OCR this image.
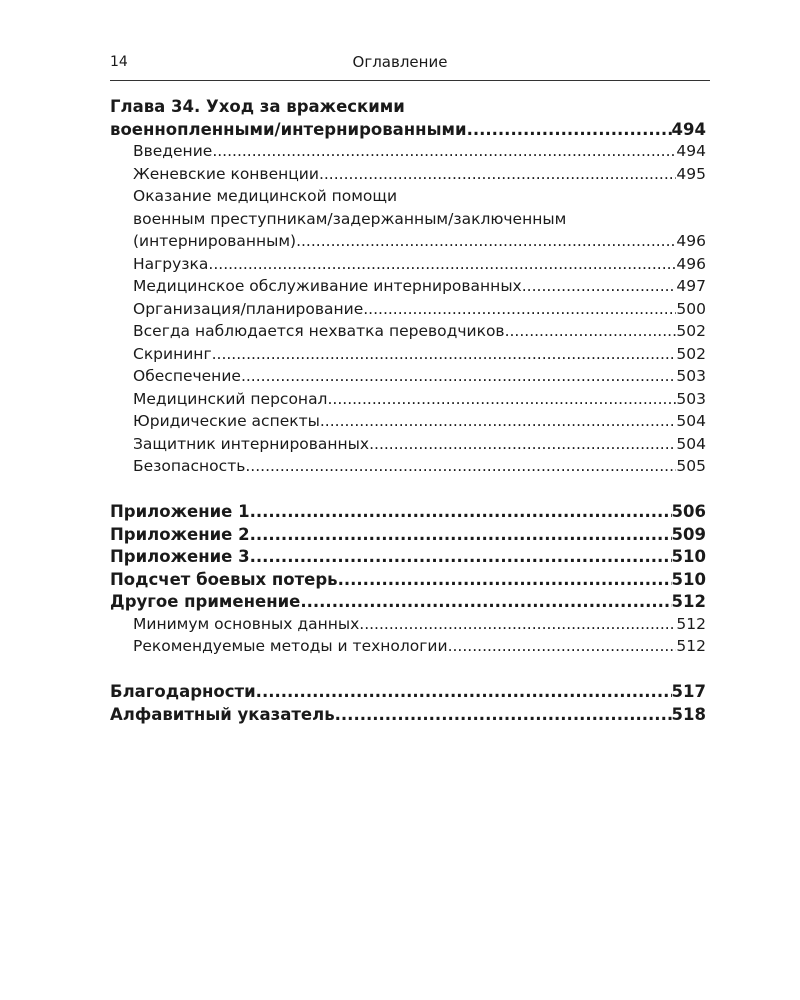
14	Оглавление
Глава 34. Уход за вражескими
военнопленными/интернированными .....	494
Введение .....	494
Женевские конвенции .....	495
Оказание медицинской помощи
военным преступникам/задержанным/заключенным
(интернированным) .....	496
Нагрузка .....	496
Медицинское обслуживание интернированных .....	497
Организация/планирование .....	500
Всегда наблюдается нехватка переводчиков .....	502
Скрининг .....	502
Обеспечение .....	503
Медицинский персонал .....	503
Юридические аспекты .....	504
Защитник интернированных .....	504
Безопасность .....	505
Приложение 1 .....	506
Приложение 2 .....	509
Приложение 3 .....	510
Подсчет боевых потерь .....	510
Другое применение .....	512
Минимум основных данных .....	512
Рекомендуемые методы и технологии .....	512
Благодарности .....	517
Алфавитный указатель .....	518
